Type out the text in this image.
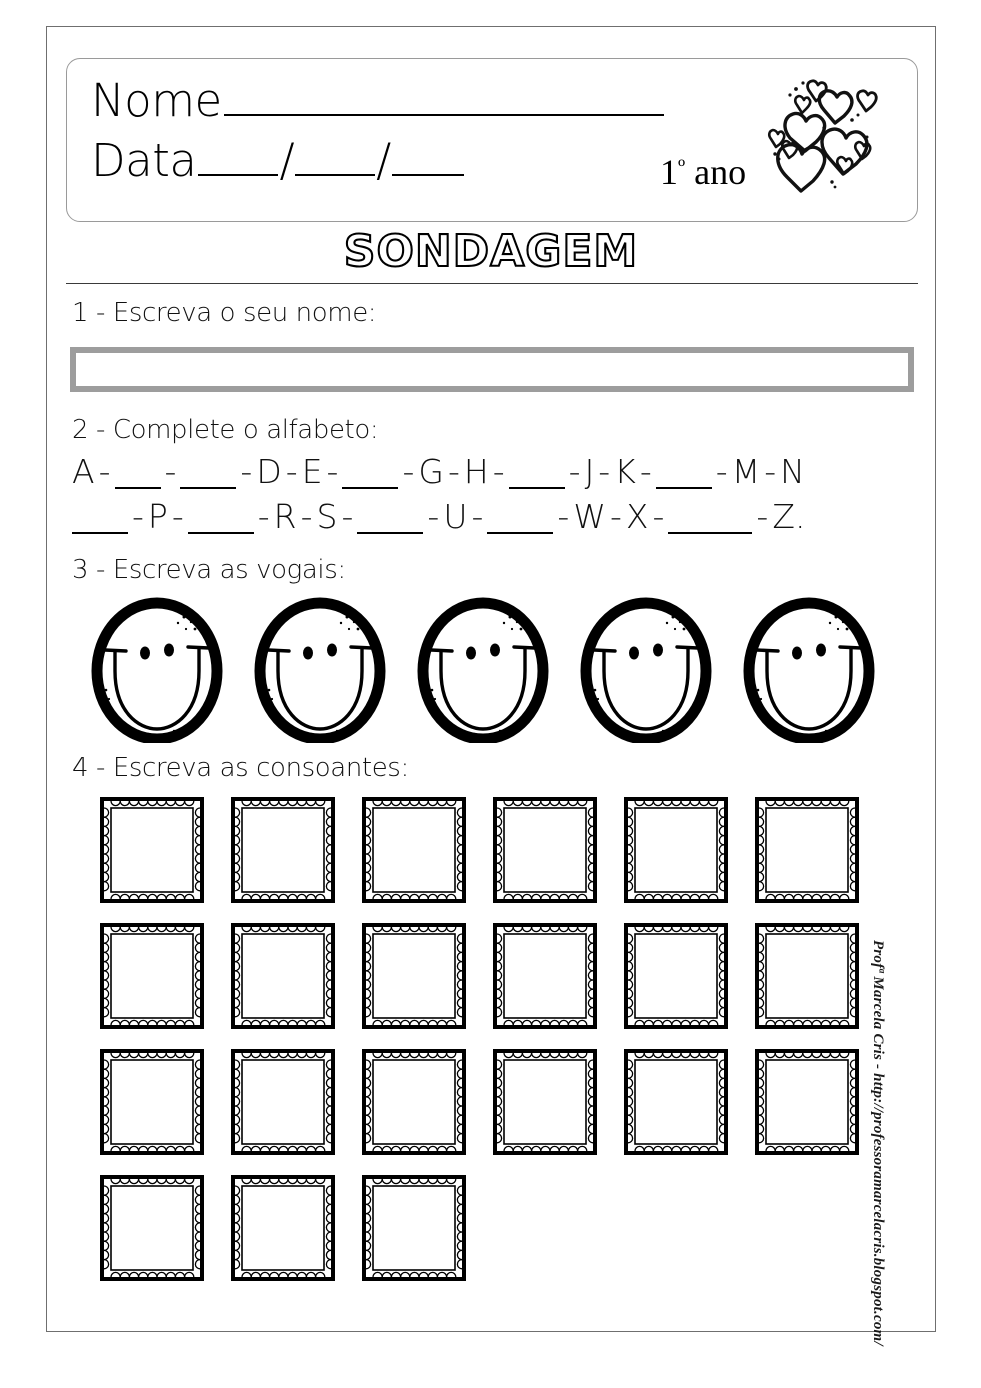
Nome
Data / /	$1^º$ ano
SONDAGEM
1 - Escreva o seu nome:
2 - Complete o alfabeto:
A - - - D - E - - G - H - - J - K - - M - N
- P - - R - S - - U - - W - X -	- Z.
3 - Escreva as vogais:
4 - Escreva as consoantes:
Profª Marcela Cris - http://professoramarcelacris.blogspot.com/
